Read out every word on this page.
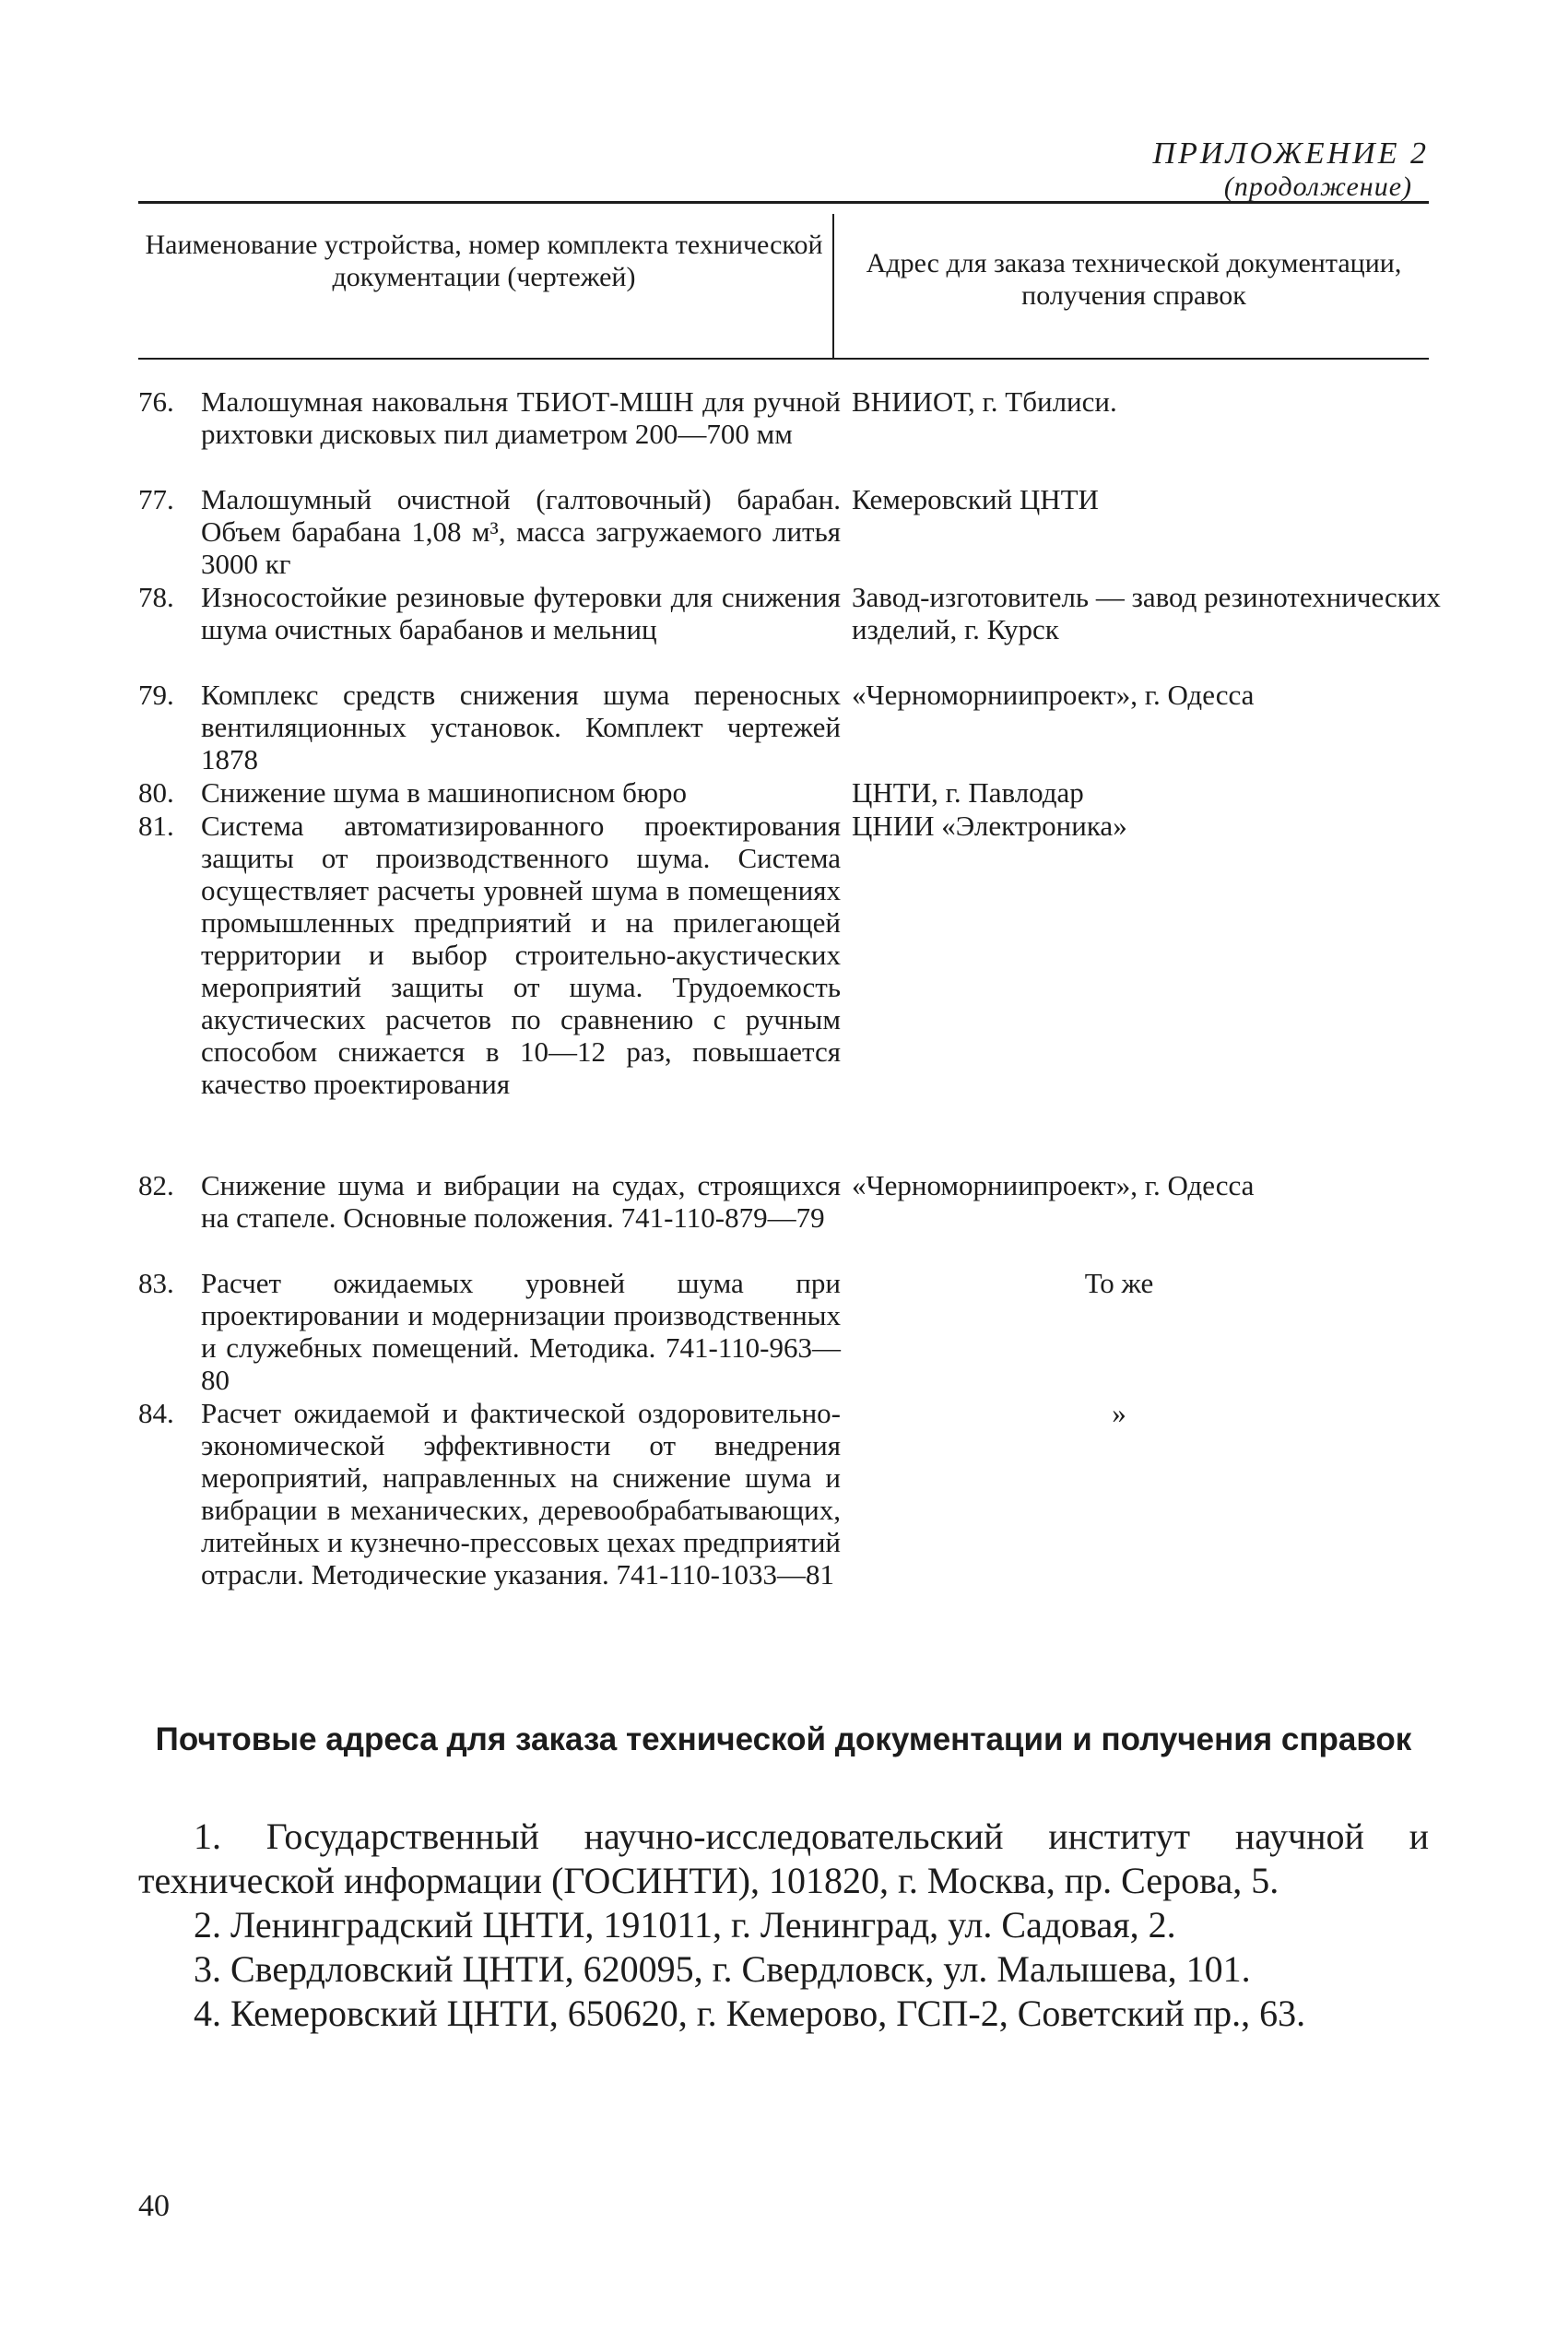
ПРИЛОЖЕНИЕ 2
(продолжение)
Наименование устройства, номер комплекта технической документации (чертежей)	Адрес для заказа технической документации, получения справок
76. Малошумная наковальня ТБИОТ-МШН для ручной рихтовки дисковых пил диаметром 200—700 мм
ВНИИОТ, г. Тбилиси.
77. Малошумный очистной (галтовочный) барабан. Объем барабана 1,08 м³, масса загружаемого литья 3000 кг
Кемеровский ЦНТИ
78. Износостойкие резиновые футеровки для снижения шума очистных барабанов и мельниц
Завод-изготовитель — завод резинотехнических изделий, г. Курск
79. Комплекс средств снижения шума переносных вентиляционных установок. Комплект чертежей 1878
«Черноморниипроект», г. Одесса
80. Снижение шума в машинописном бюро	ЦНТИ, г. Павлодар
81. Система автоматизированного проектирования защиты от производственного шума. Система осуществляет расчеты уровней шума в помещениях промышленных предприятий и на прилегающей территории и выбор строительно-акустических мероприятий защиты от шума. Трудоемкость акустических расчетов по сравнению с ручным способом снижается в 10—12 раз, повышается качество проектирования
ЦНИИ «Электроника»
82. Снижение шума и вибрации на судах, строящихся на стапеле. Основные положения. 741-110-879—79
«Черноморниипроект», г. Одесса
83. Расчет ожидаемых уровней шума при проектировании и модернизации производственных и служебных помещений. Методика. 741-110-963—80
То же
84. Расчет ожидаемой и фактической оздоровительно-экономической эффективности от внедрения мероприятий, направленных на снижение шума и вибрации в механических, деревообрабатывающих, литейных и кузнечно-прессовых цехах предприятий отрасли. Методические указания. 741-110-1033—81
»
Почтовые адреса для заказа технической документации и получения справок

1. Государственный научно-исследовательский институт научной и технической информации (ГОСИНТИ), 101820, г. Москва, пр. Серова, 5.

2. Ленинградский ЦНТИ, 191011, г. Ленинград, ул. Садовая, 2.

3. Свердловский ЦНТИ, 620095, г. Свердловск, ул. Малышева, 101.

4. Кемеровский ЦНТИ, 650620, г. Кемерово, ГСП-2, Советский пр., 63.

40
